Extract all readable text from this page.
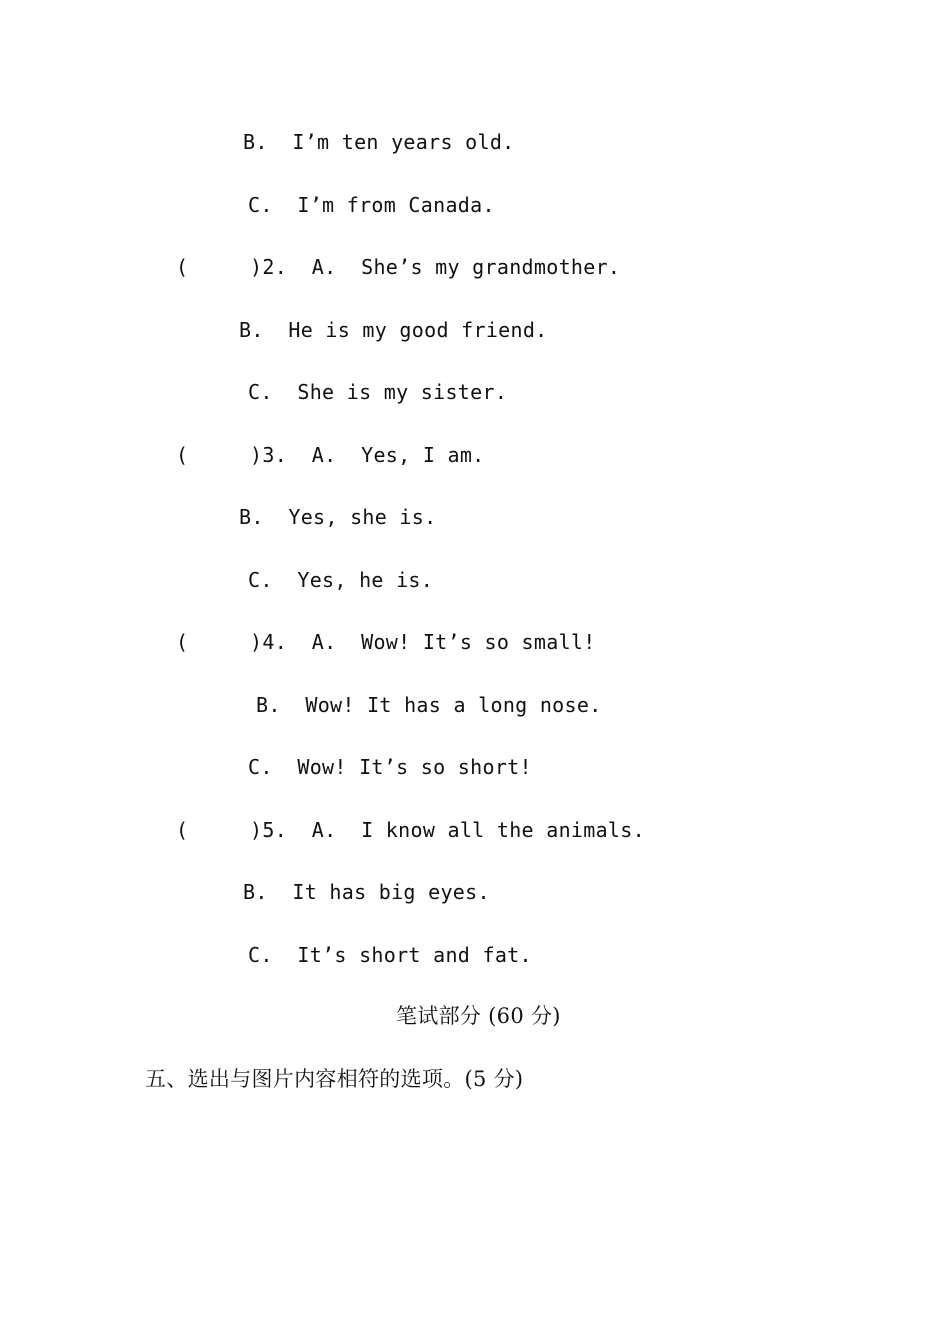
B.  I’m ten years old.
C.  I’m from Canada.
(     )2.  A.  She’s my grandmother.
B.  He is my good friend.
C.  She is my sister.
(     )3.  A.  Yes, I am.
B.  Yes, she is.
C.  Yes, he is.
(     )4.  A.  Wow! It’s so small!
B.  Wow! It has a long nose.
C.  Wow! It’s so short!
(     )5.  A.  I know all the animals.
B.  It has big eyes.
C.  It’s short and fat.
笔试部分 (60 分)
五、选出与图片内容相符的选项。(5 分)
